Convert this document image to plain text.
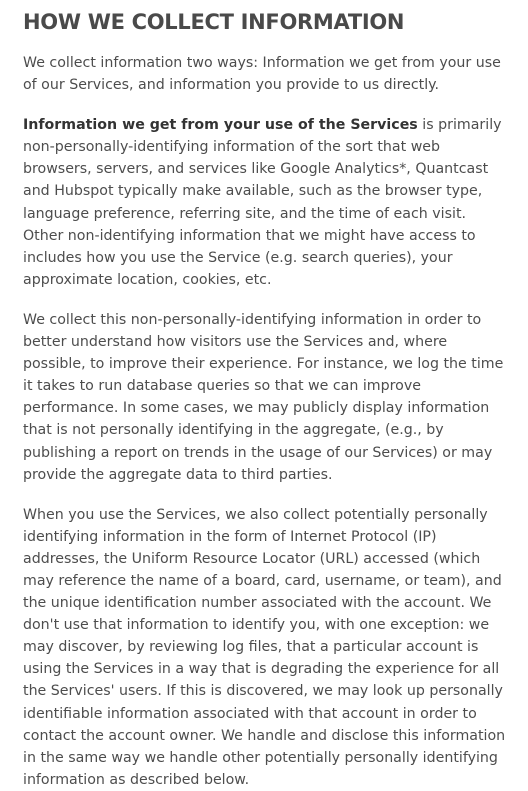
HOW WE COLLECT INFORMATION

We collect information two ways: Information we get from your use of our Services, and information you provide to us directly.

Information we get from your use of the Services is primarily non-personally-identifying information of the sort that web browsers, servers, and services like Google Analytics*, Quantcast and Hubspot typically make available, such as the browser type, language preference, referring site, and the time of each visit. Other non-identifying information that we might have access to includes how you use the Service (e.g. search queries), your approximate location, cookies, etc.

We collect this non-personally-identifying information in order to better understand how visitors use the Services and, where possible, to improve their experience. For instance, we log the time it takes to run database queries so that we can improve performance. In some cases, we may publicly display information that is not personally identifying in the aggregate, (e.g., by publishing a report on trends in the usage of our Services) or may provide the aggregate data to third parties.

When you use the Services, we also collect potentially personally identifying information in the form of Internet Protocol (IP) addresses, the Uniform Resource Locator (URL) accessed (which may reference the name of a board, card, username, or team), and the unique identification number associated with the account. We don't use that information to identify you, with one exception: we may discover, by reviewing log files, that a particular account is using the Services in a way that is degrading the experience for all the Services' users. If this is discovered, we may look up personally identifiable information associated with that account in order to contact the account owner. We handle and disclose this information in the same way we handle other potentially personally identifying information as described below.
